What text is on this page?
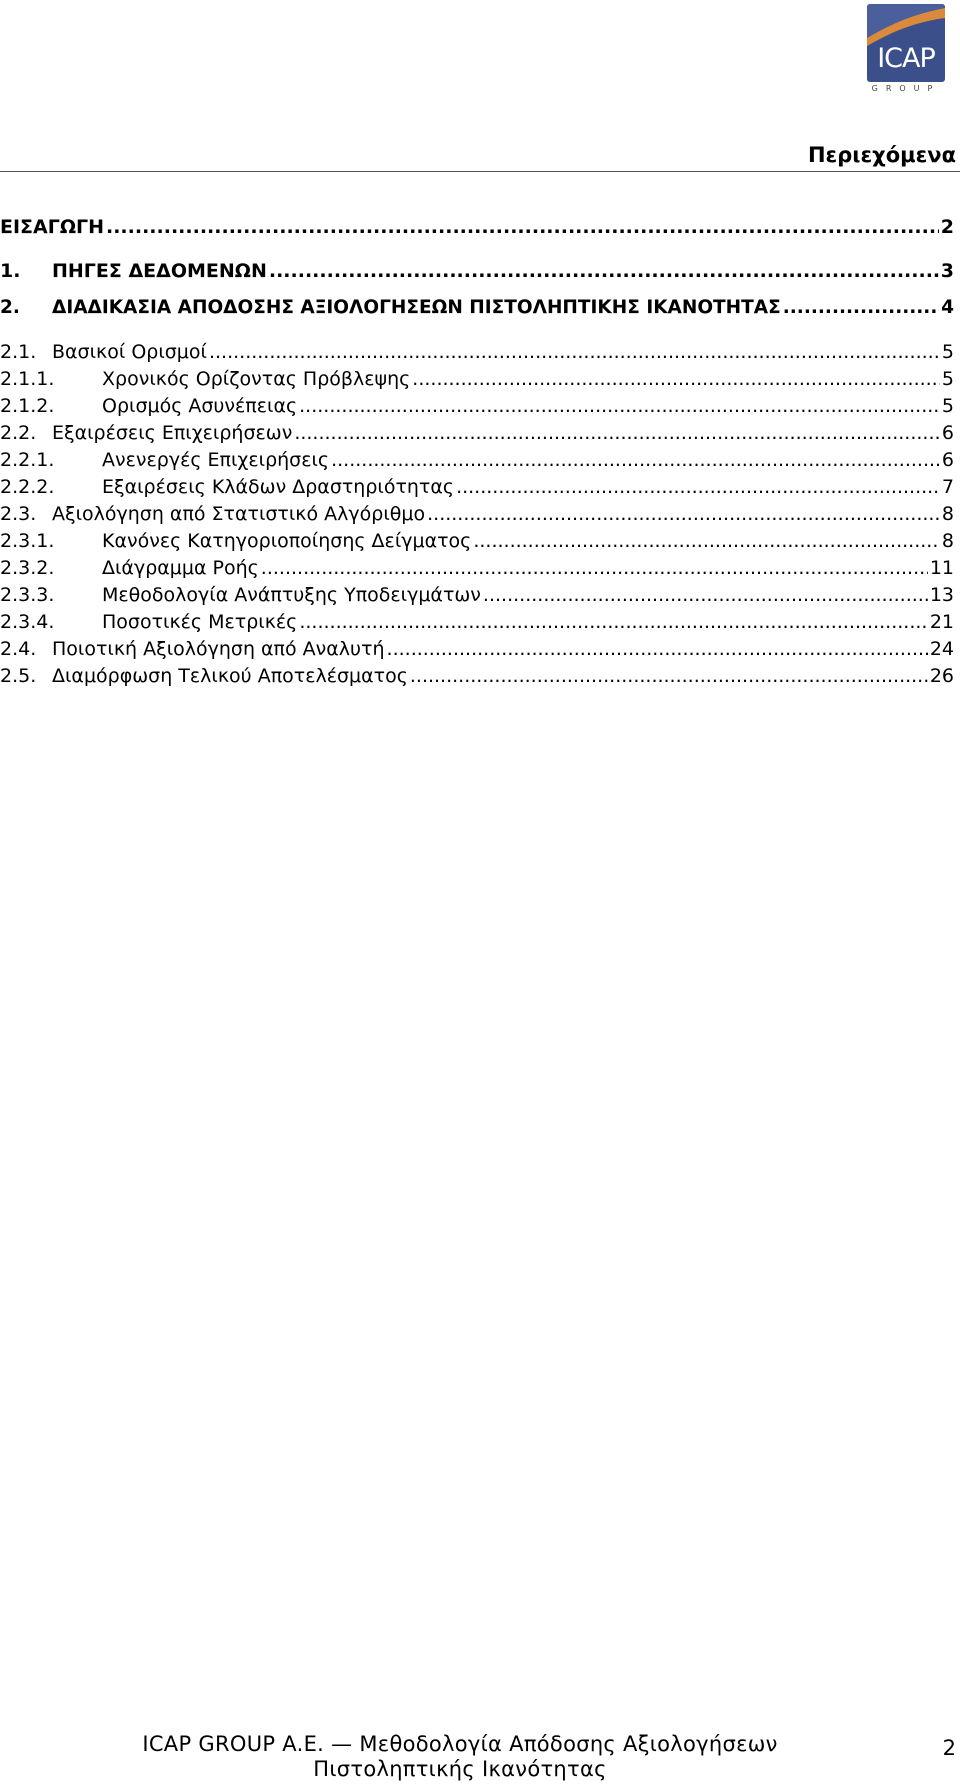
ICAP
GROUP
Περιεχόμενα
ΕΙΣΑΓΩΓΗ .....	2
1.	ΠΗΓΕΣ ΔΕΔΟΜΕΝΩΝ .....	3
2.	ΔΙΑΔΙΚΑΣΙΑ ΑΠΟΔΟΣΗΣ ΑΞΙΟΛΟΓΗΣΕΩΝ ΠΙΣΤΟΛΗΠΤΙΚΗΣ ΙΚΑΝΟΤΗΤΑΣ .....	4
2.1. Βασικοί Ορισμοί .....	5
2.1.1.	Χρονικός Ορίζοντας Πρόβλεψης .....	5
2.1.2.	Ορισμός Ασυνέπειας .....	5
2.2. Εξαιρέσεις Επιχειρήσεων .....	6
2.2.1.	Ανενεργές Επιχειρήσεις .....	6
2.2.2.	Εξαιρέσεις Κλάδων Δραστηριότητας .....	7
2.3. Αξιολόγηση από Στατιστικό Αλγόριθμο .....	8
2.3.1.	Κανόνες Κατηγοριοποίησης Δείγματος .....	8
2.3.2.	Διάγραμμα Ροής .....	11
2.3.3.	Μεθοδολογία Ανάπτυξης Υποδειγμάτων .....	13
2.3.4.	Ποσοτικές Μετρικές .....	21
2.4. Ποιοτική Αξιολόγηση από Αναλυτή .....	24
2.5. Διαμόρφωση Τελικού Αποτελέσματος .....	26
ICAP GROUP A.E. — Μεθοδολογία Απόδοσης Αξιολογήσεων
Πιστοληπτικής Ικανότητας
2
